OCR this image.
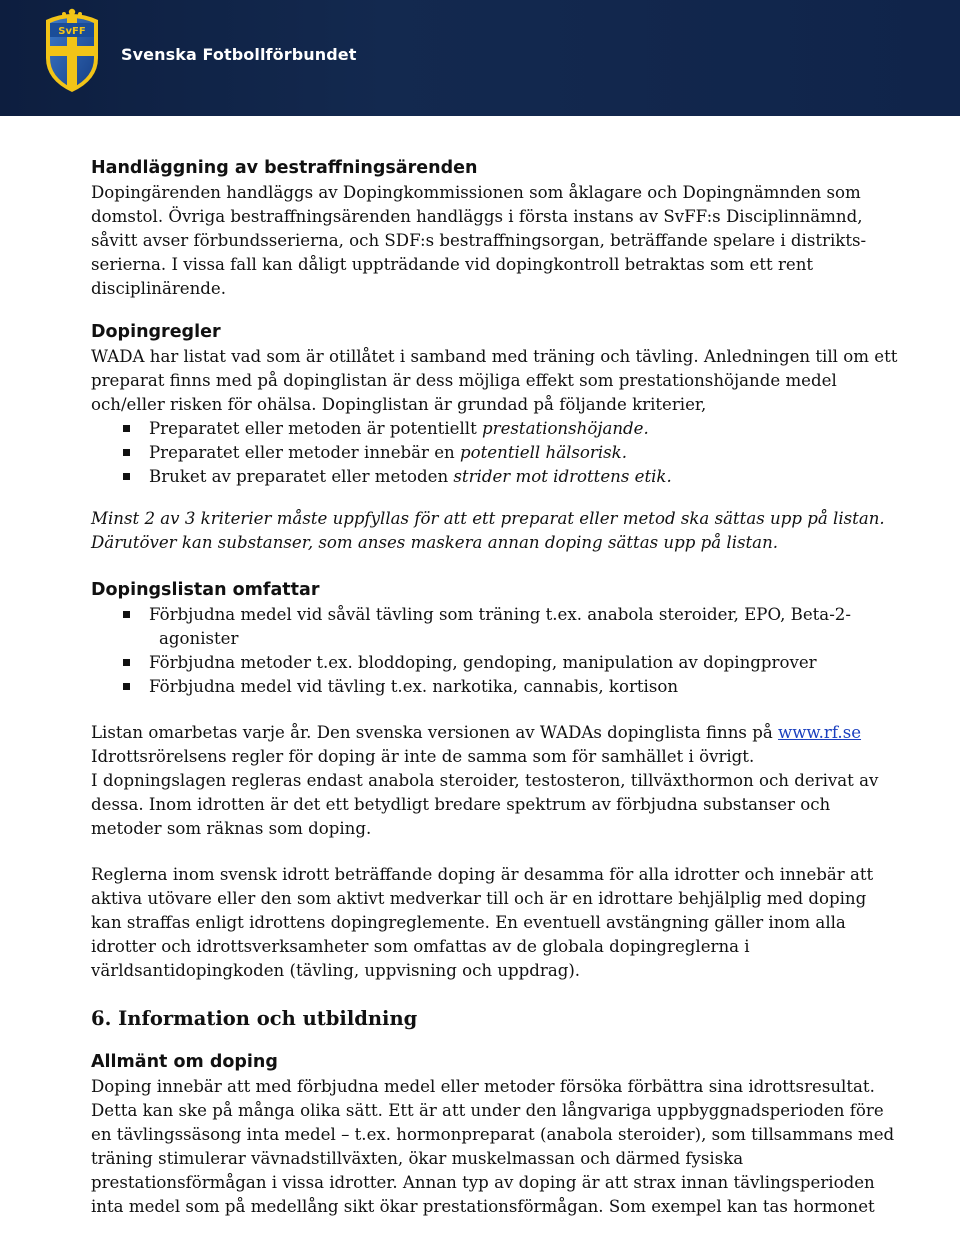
SvFF
Svenska Fotbollförbundet
Handläggning av bestraffningsärenden

Dopingärenden handläggs av Dopingkommissionen som åklagare och Dopingnämnden som domstol. Övriga bestraffningsärenden handläggs i första instans av SvFF:s Disciplinnämnd, såvitt avser förbundsserierna, och SDF:s bestraffningsorgan, beträffande spelare i distrikts-serierna. I vissa fall kan dåligt uppträdande vid dopingkontroll betraktas som ett rent disciplinärende.

Dopingregler

WADA har listat vad som är otillåtet i samband med träning och tävling. Anledningen till om ett preparat finns med på dopinglistan är dess möjliga effekt som prestationshöjande medel och/eller risken för ohälsa. Dopinglistan är grundad på följande kriterier,

Preparatet eller metoden är potentiellt prestationshöjande.
Preparatet eller metoder innebär en potentiell hälsorisk.
Bruket av preparatet eller metoden strider mot idrottens etik.

Minst 2 av 3 kriterier måste uppfyllas för att ett preparat eller metod ska sättas upp på listan.

Därutöver kan substanser, som anses maskera annan doping sättas upp på listan.

Dopingslistan omfattar
Förbjudna medel vid såväl tävling som träning t.ex. anabola steroider, EPO, Beta-2-
agonister
Förbjudna metoder t.ex. bloddoping, gendoping, manipulation av dopingprover
Förbjudna medel vid tävling t.ex. narkotika, cannabis, kortison

Listan omarbetas varje år. Den svenska versionen av WADAs dopinglista finns på www.rf.se

Idrottsrörelsens regler för doping är inte de samma som för samhället i övrigt.

I dopningslagen regleras endast anabola steroider, testosteron, tillväxthormon och derivat av dessa. Inom idrotten är det ett betydligt bredare spektrum av förbjudna substanser och metoder som räknas som doping.

Reglerna inom svensk idrott beträffande doping är desamma för alla idrotter och innebär att aktiva utövare eller den som aktivt medverkar till och är en idrottare behjälplig med doping kan straffas enligt idrottens dopingreglemente. En eventuell avstängning gäller inom alla idrotter och idrottsverksamheter som omfattas av de globala dopingreglerna i världsantidopingkoden (tävling, uppvisning och uppdrag).

6. Information och utbildning
Allmänt om doping

Doping innebär att med förbjudna medel eller metoder försöka förbättra sina idrottsresultat. Detta kan ske på många olika sätt. Ett är att under den långvariga uppbyggnadsperioden före en tävlingssäsong inta medel – t.ex. hormonpreparat (anabola steroider), som tillsammans med träning stimulerar vävnadstillväxten, ökar muskelmassan och därmed fysiska prestationsförmågan i vissa idrotter. Annan typ av doping är att strax innan tävlingsperioden inta medel som på medellång sikt ökar prestationsförmågan. Som exempel kan tas hormonet
